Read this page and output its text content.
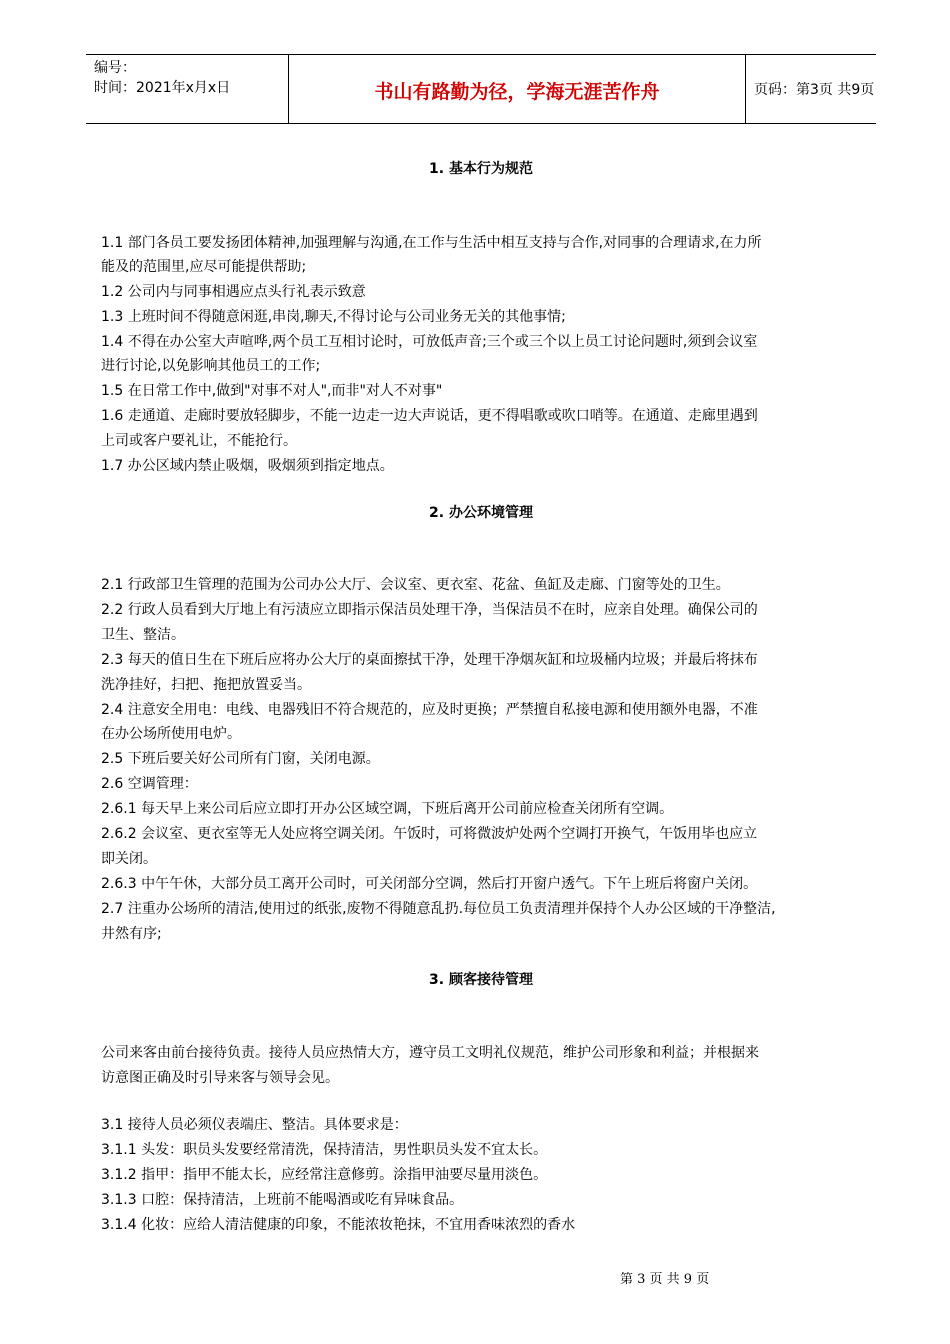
编号：
时间：2021年x月x日	书山有路勤为径，学海无涯苦作舟	页码：第3页 共9页
1. 基本行为规范
1.1 部门各员工要发扬团体精神,加强理解与沟通,在工作与生活中相互支持与合作,对同事的合理请求,在力所
能及的范围里,应尽可能提供帮助;
1.2 公司内与同事相遇应点头行礼表示致意
1.3 上班时间不得随意闲逛,串岗,聊天,不得讨论与公司业务无关的其他事情;
1.4 不得在办公室大声喧哗,两个员工互相讨论时，可放低声音;三个或三个以上员工讨论问题时,须到会议室
进行讨论,以免影响其他员工的工作;
1.5 在日常工作中,做到"对事不对人",而非"对人不对事"
1.6 走通道、走廊时要放轻脚步，不能一边走一边大声说话，更不得唱歌或吹口哨等。在通道、走廊里遇到
上司或客户要礼让，不能抢行。
1.7 办公区域内禁止吸烟，吸烟须到指定地点。
2. 办公环境管理
2.1 行政部卫生管理的范围为公司办公大厅、会议室、更衣室、花盆、鱼缸及走廊、门窗等处的卫生。
2.2 行政人员看到大厅地上有污渍应立即指示保洁员处理干净，当保洁员不在时，应亲自处理。确保公司的
卫生、整洁。
2.3 每天的值日生在下班后应将办公大厅的桌面擦拭干净，处理干净烟灰缸和垃圾桶内垃圾；并最后将抹布
洗净挂好，扫把、拖把放置妥当。
2.4 注意安全用电：电线、电器残旧不符合规范的，应及时更换；严禁擅自私接电源和使用额外电器，不准
在办公场所使用电炉。
2.5 下班后要关好公司所有门窗，关闭电源。
2.6 空调管理：
2.6.1 每天早上来公司后应立即打开办公区域空调，下班后离开公司前应检查关闭所有空调。
2.6.2 会议室、更衣室等无人处应将空调关闭。午饭时，可将微波炉处两个空调打开换气，午饭用毕也应立
即关闭。
2.6.3 中午午休，大部分员工离开公司时，可关闭部分空调，然后打开窗户透气。下午上班后将窗户关闭。
2.7 注重办公场所的清洁,使用过的纸张,废物不得随意乱扔.每位员工负责清理并保持个人办公区域的干净整洁,
井然有序;
3. 顾客接待管理
公司来客由前台接待负责。接待人员应热情大方，遵守员工文明礼仪规范，维护公司形象和利益；并根据来
访意图正确及时引导来客与领导会见。
3.1 接待人员必须仪表端庄、整洁。具体要求是：
3.1.1 头发：职员头发要经常清洗，保持清洁，男性职员头发不宜太长。
3.1.2 指甲：指甲不能太长，应经常注意修剪。涂指甲油要尽量用淡色。
3.1.3 口腔：保持清洁，上班前不能喝酒或吃有异味食品。
3.1.4 化妆：应给人清洁健康的印象，不能浓妆艳抹，不宜用香味浓烈的香水
第 3 页 共 9 页
